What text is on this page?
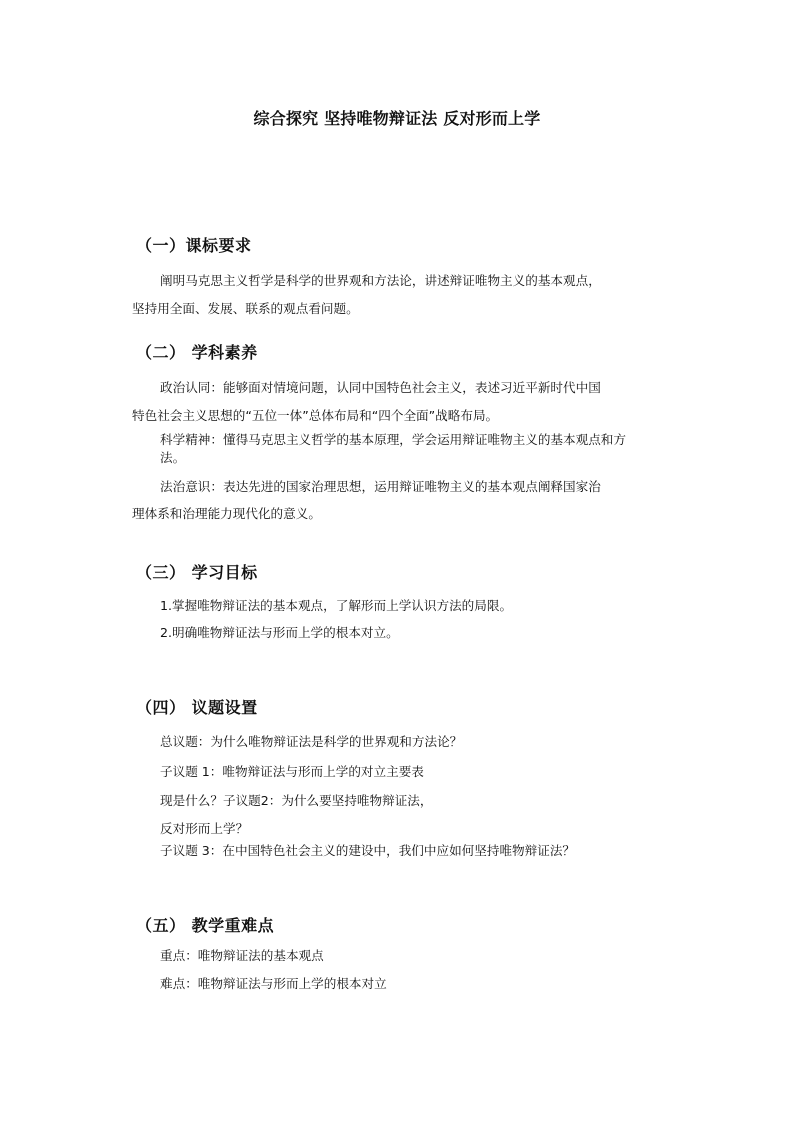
综合探究 坚持唯物辩证法 反对形而上学
（一）课标要求
阐明马克思主义哲学是科学的世界观和方法论，讲述辩证唯物主义的基本观点，
坚持用全面、发展、联系的观点看问题。
（二） 学科素养
政治认同：能够面对情境问题，认同中国特色社会主义，表述习近平新时代中国
特色社会主义思想的“五位一体”总体布局和“四个全面”战略布局。
科学精神：懂得马克思主义哲学的基本原理，学会运用辩证唯物主义的基本观点和方
法。
法治意识：表达先进的国家治理思想，运用辩证唯物主义的基本观点阐释国家治
理体系和治理能力现代化的意义。
（三） 学习目标
1.掌握唯物辩证法的基本观点，了解形而上学认识方法的局限。
2.明确唯物辩证法与形而上学的根本对立。
（四） 议题设置
总议题：为什么唯物辩证法是科学的世界观和方法论？
子议题 1：唯物辩证法与形而上学的对立主要表
现是什么？子议题2：为什么要坚持唯物辩证法，
反对形而上学？
子议题 3：在中国特色社会主义的建设中，我们中应如何坚持唯物辩证法？
（五） 教学重难点
重点：唯物辩证法的基本观点
难点：唯物辩证法与形而上学的根本对立
